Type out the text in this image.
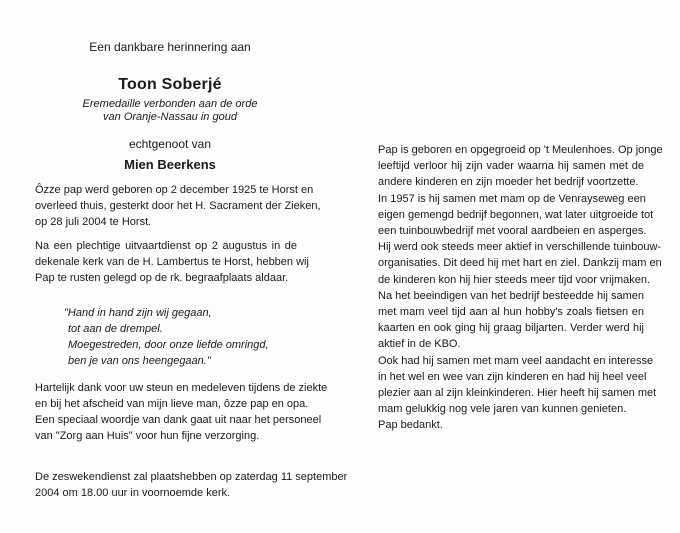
Een dankbare herinnering aan
Toon Soberjé
Eremedaille verbonden aan de orde
van Oranje-Nassau in goud
echtgenoot van
Mien Beerkens
Ôzze pap werd geboren op 2 december 1925 te Horst en
overleed thuis, gesterkt door het H. Sacrament der Zieken,
op 28 juli 2004 te Horst.
Na een plechtige uitvaartdienst op 2 augustus in de
dekenale kerk van de H. Lambertus te Horst, hebben wij
Pap te rusten gelegd op de rk. begraafplaats aldaar.
"Hand in hand zijn wij gegaan,
tot aan de drempel.
Moegestreden, door onze liefde omringd,
ben je van ons heengegaan."
Hartelijk dank voor uw steun en medeleven tijdens de ziekte
en bij het afscheid van mijn lieve man, ôzze pap en opa.
Een speciaal woordje van dank gaat uit naar het personeel
van "Zorg aan Huis" voor hun fijne verzorging.
De zeswekendienst zal plaatshebben op zaterdag 11 september
2004 om 18.00 uur in voornoemde kerk.
Pap is geboren en opgegroeid op 't Meulenhoes. Op jonge
leeftijd verloor hij zijn vader waarna hij samen met de
andere kinderen en zijn moeder het bedrijf voortzette.
In 1957 is hij samen met mam op de Venrayseweg een
eigen gemengd bedrijf begonnen, wat later uitgroeide tot
een tuinbouwbedrijf met vooral aardbeien en asperges.
Hij werd ook steeds meer aktief in verschillende tuinbouw-
organisaties. Dit deed hij met hart en ziel. Dankzij mam en
de kinderen kon hij hier steeds meer tijd voor vrijmaken.
Na het beeindigen van het bedrijf besteedde hij samen
met mam veel tijd aan al hun hobby's zoals fietsen en
kaarten en ook ging hij graag biljarten. Verder werd hij
aktief in de KBO.
Ook had hij samen met mam veel aandacht en interesse
in het wel en wee van zijn kinderen en had hij heel veel
plezier aan al zijn kleinkinderen. Hier heeft hij samen met
mam gelukkig nog vele jaren van kunnen genieten.
Pap bedankt.
